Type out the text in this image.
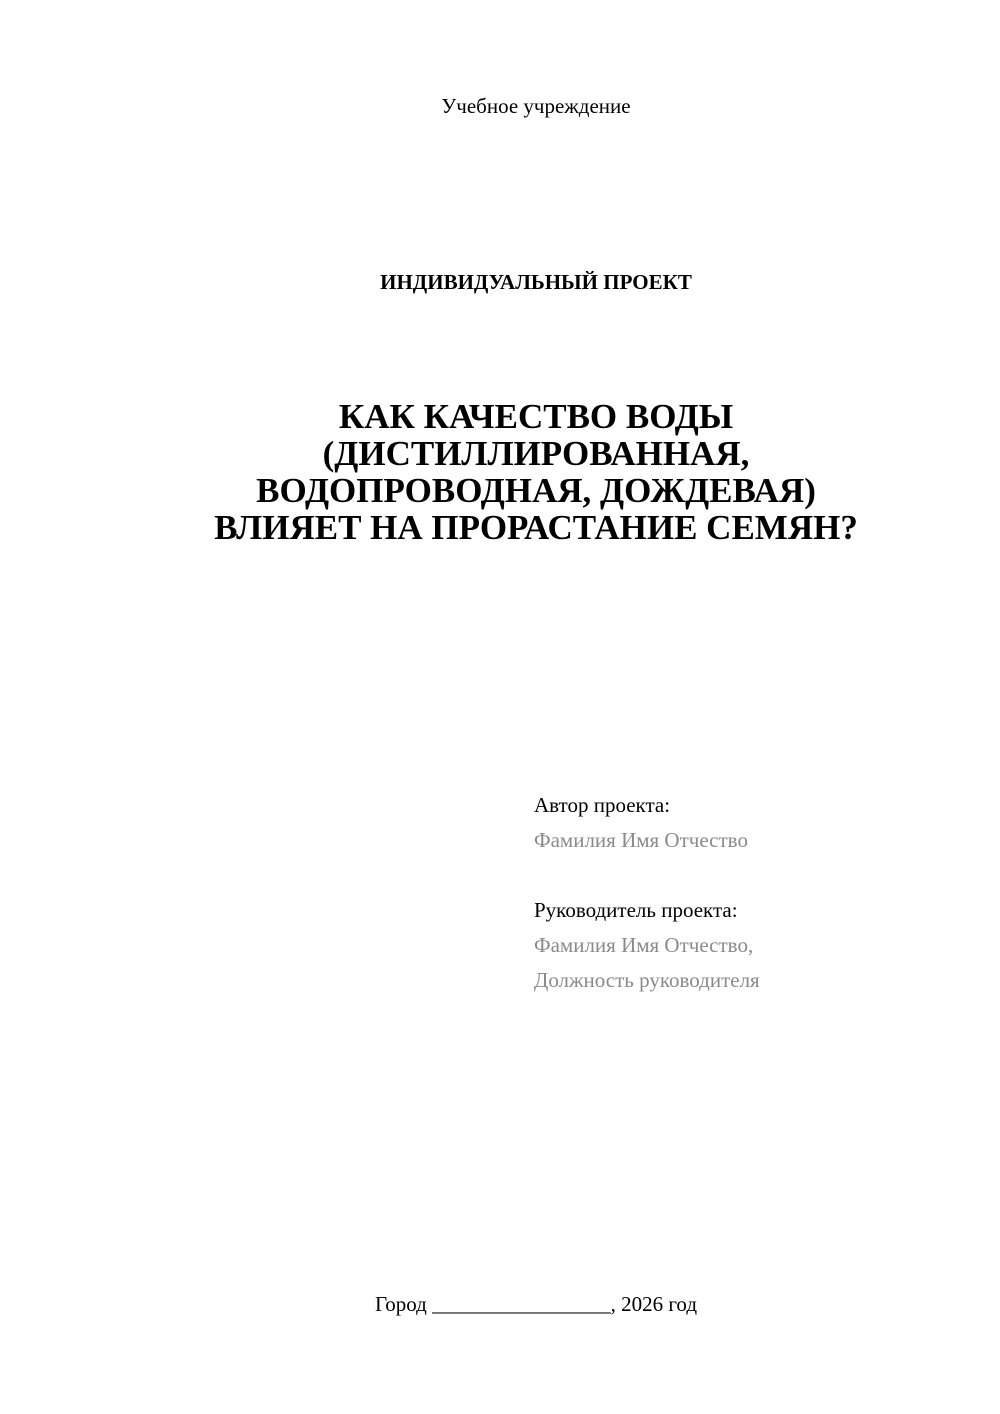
Учебное учреждение
ИНДИВИДУАЛЬНЫЙ ПРОЕКТ
КАК КАЧЕСТВО ВОДЫ
(ДИСТИЛЛИРОВАННАЯ,
ВОДОПРОВОДНАЯ, ДОЖДЕВАЯ)
ВЛИЯЕТ НА ПРОРАСТАНИЕ СЕМЯН?
Автор проекта:
Фамилия Имя Отчество
Руководитель проекта:
Фамилия Имя Отчество,
Должность руководителя
Город _________________, 2026 год
